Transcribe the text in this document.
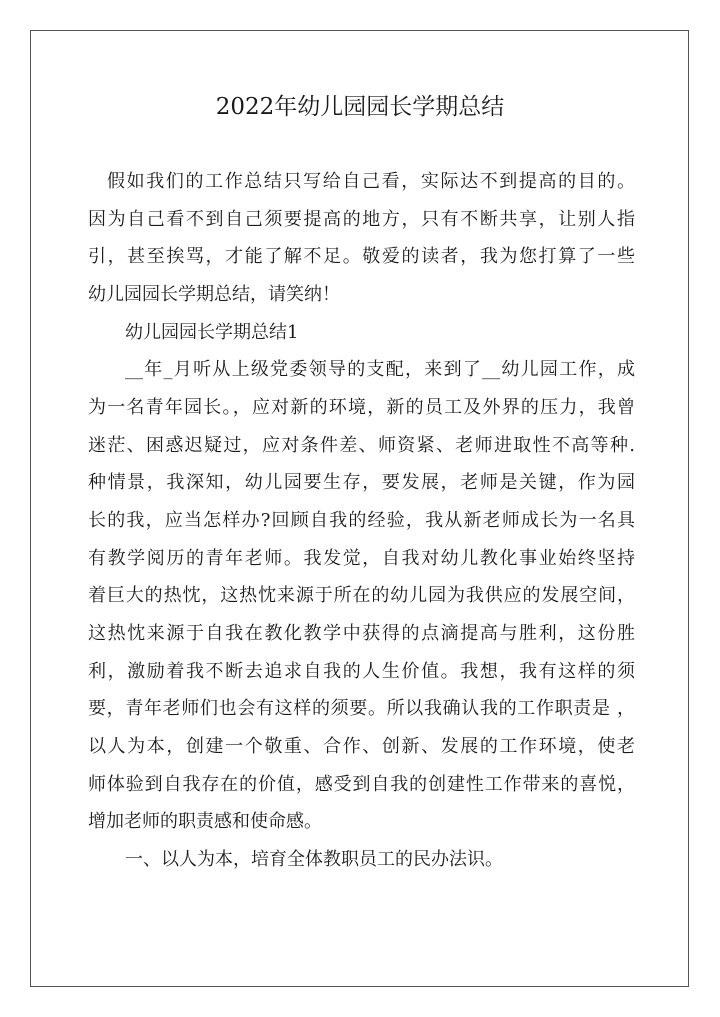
2022年幼儿园园长学期总结
假如我们的工作总结只写给自己看，实际达不到提高的目的。
因为自己看不到自己须要提高的地方，只有不断共享，让别人指
引，甚至挨骂，才能了解不足。敬爱的读者，我为您打算了一些
幼儿园园长学期总结，请笑纳！
幼儿园园长学期总结1
__年_月听从上级党委领导的支配，来到了__幼儿园工作，成
为一名青年园长。，应对新的环境，新的员工及外界的压力，我曾
迷茫、困惑迟疑过，应对条件差、师资紧、老师进取性不高等种.
种情景，我深知，幼儿园要生存，要发展，老师是关键，作为园
长的我，应当怎样办?回顾自我的经验，我从新老师成长为一名具
有教学阅历的青年老师。我发觉，自我对幼儿教化事业始终坚持
着巨大的热忱，这热忱来源于所在的幼儿园为我供应的发展空间，
这热忱来源于自我在教化教学中获得的点滴提高与胜利，这份胜
利，激励着我不断去追求自我的人生价值。我想，我有这样的须
要，青年老师们也会有这样的须要。所以我确认我的工作职责是 ，
以人为本，创建一个敬重、合作、创新、发展的工作环境，使老
师体验到自我存在的价值，感受到自我的创建性工作带来的喜悦，
增加老师的职责感和使命感。
一、以人为本，培育全体教职员工的民办法识。
